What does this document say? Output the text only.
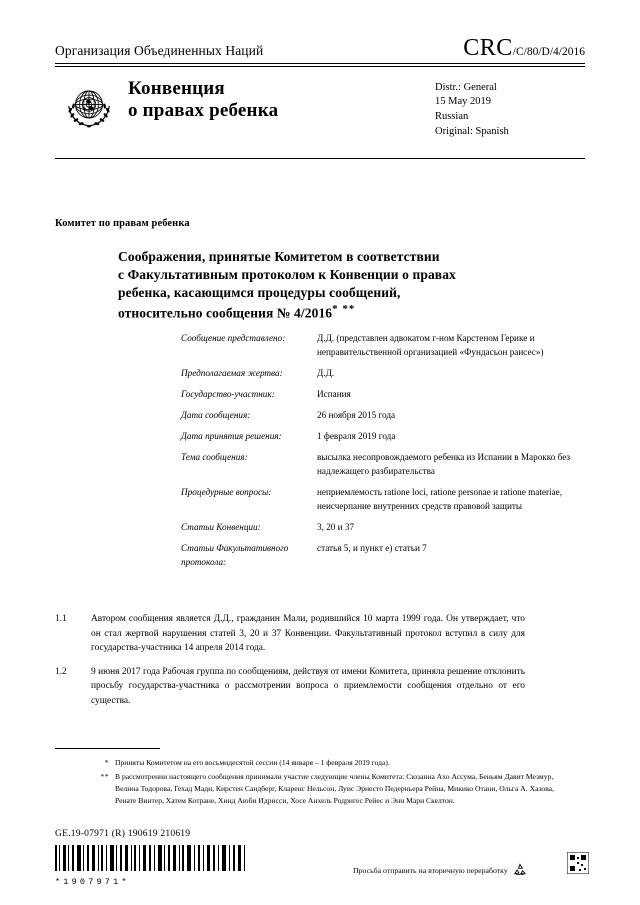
Организация Объединенных Наций	CRC/C/80/D/4/2016
Конвенция
о правах ребенка
Distr.: General
15 May 2019
Russian
Original: Spanish
Комитет по правам ребенка
Соображения, принятые Комитетом в соответствии
с Факультативным протоколом к Конвенции о правах
ребенка, касающимся процедуры сообщений,
относительно сообщения № 4/2016* **
Сообщение представлено:	Д.Д. (представлен адвокатом г-ном Карстеном Герике и неправительственной организацией «Фундасьон раисес»)
Предполагаемая жертва:	Д.Д.
Государство-участник:	Испания
Дата сообщения:	26 ноября 2015 года
Дата принятия решения:	1 февраля 2019 года
Тема сообщения:	высылка несопровождаемого ребенка из Испании в Марокко без надлежащего разбирательства
Процедурные вопросы:	неприемлемость ratione loci, ratione personae и ratione materiae, неисчерпание внутренних средств правовой защиты
Статьи Конвенции:	3, 20 и 37
Статьи Факультативного протокола:
статья 5, и пункт е) статьи 7
1.1	Автором сообщения является Д.Д., гражданин Мали, родившийся 10 марта 1999 года. Он утверждает, что он стал жертвой нарушения статей 3, 20 и 37 Конвенции. Факультативный протокол вступил в силу для государства-участника 14 апреля 2014 года.
1.2	9 июня 2017 года Рабочая группа по сообщениям, действуя от имени Комитета, приняла решение отклонить просьбу государства-участника о рассмотрении вопроса о приемлемости сообщения отдельно от его существа.
* Приняты Комитетом на его восьмидесятой сессии (14 января – 1 февраля 2019 года).
** В рассмотрении настоящего сообщения принимали участие следующие члены Комитета: Сюзанна Ахо Ассума, Беньям Давит Мезмур, Велина Тодорова, Гехад Мади, Кирстен Сандберг, Кларенс Нельсон, Луис Эрнесто Педерньера Рейна, Микико Отани, Ольга А. Хазова, Ренате Винтер, Хатем Котране, Хинд Аюби Идрисси, Хосе Анхель Родригес Рейес и Энн Мари Скелтон.
GE.19-07971 (R) 190619 210619
*1907971*
Просьба отправить на вторичную переработку
